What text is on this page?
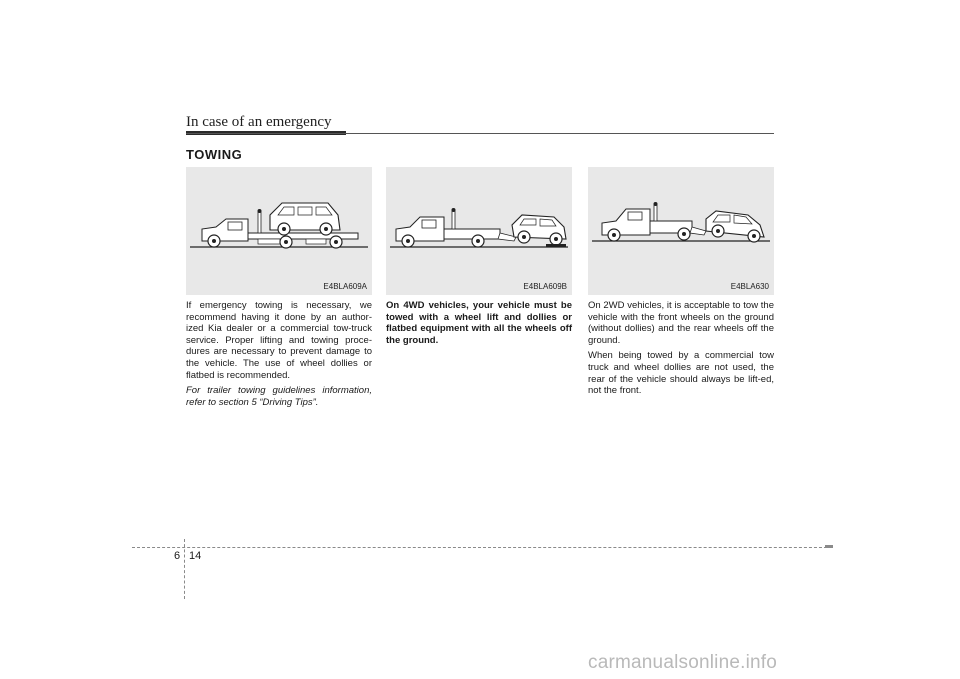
In case of an emergency
TOWING
E4BLA609A	E4BLA609B	E4BLA630

If emergency towing is necessary, we recommend having it done by an author-ized Kia dealer or a commercial tow-truck service. Proper lifting and towing proce-dures are necessary to prevent damage to the vehicle. The use of wheel dollies or flatbed is recommended.

For trailer towing guidelines information, refer to section 5 “Driving Tips”.

On 4WD vehicles, your vehicle must be towed with a wheel lift and dollies or flatbed equipment with all the wheels off the ground.

On 2WD vehicles, it is acceptable to tow the vehicle with the front wheels on the ground (without dollies) and the rear wheels off the ground.

When being towed by a commercial tow truck and wheel dollies are not used, the rear of the vehicle should always be lift-ed, not the front.

6 14
carmanualsonline.info
